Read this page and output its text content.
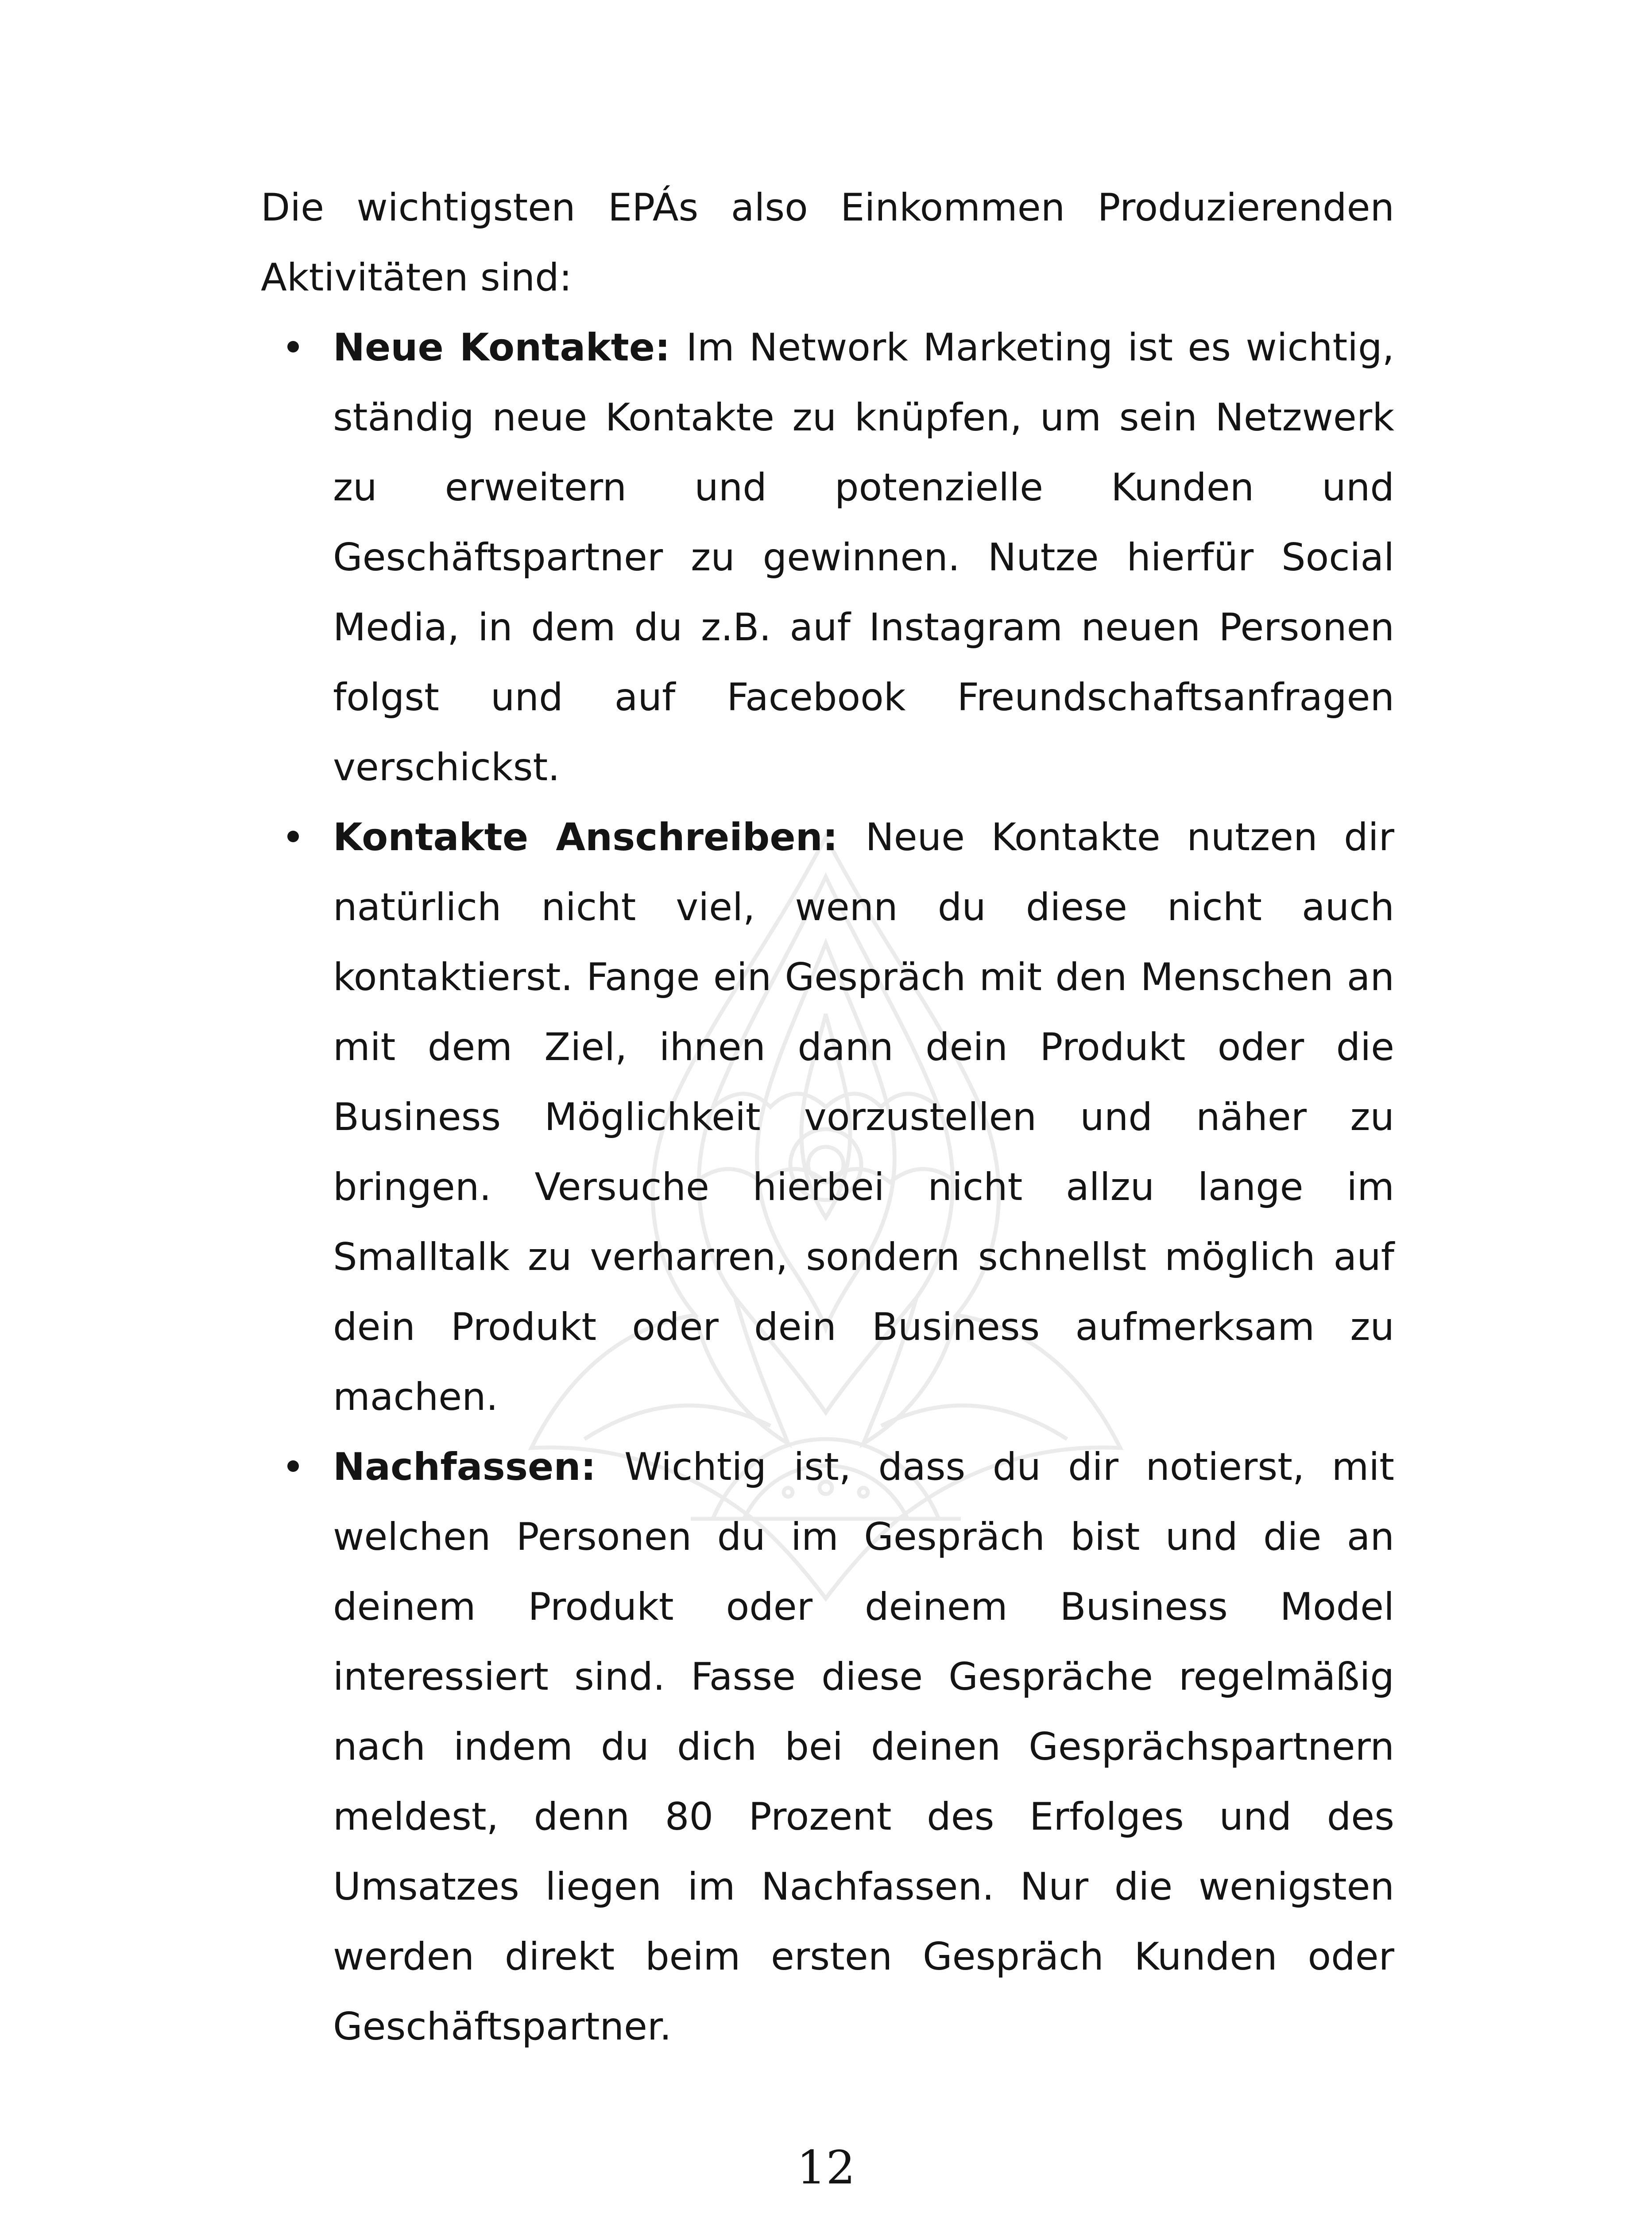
Die wichtigsten EPÁs also Einkommen Produzierenden Aktivitäten sind:

Neue Kontakte: Im Network Marketing ist es wichtig, ständig neue Kontakte zu knüpfen, um sein Netzwerk zu erweitern und potenzielle Kunden und Geschäftspartner zu gewinnen. Nutze hierfür Social Media, in dem du z.B. auf Instagram neuen Personen folgst und auf Facebook Freundschaftsanfragen verschickst.
Kontakte Anschreiben: Neue Kontakte nutzen dir natürlich nicht viel, wenn du diese nicht auch kontaktierst. Fange ein Gespräch mit den Menschen an mit dem Ziel, ihnen dann dein Produkt oder die Business Möglichkeit vorzustellen und näher zu bringen. Versuche hierbei nicht allzu lange im Smalltalk zu verharren, sondern schnellst möglich auf dein Produkt oder dein Business aufmerksam zu machen.
Nachfassen: Wichtig ist, dass du dir notierst, mit welchen Personen du im Gespräch bist und die an deinem Produkt oder deinem Business Model interessiert sind. Fasse diese Gespräche regelmäßig nach indem du dich bei deinen Gesprächspartnern meldest, denn 80 Prozent des Erfolges und des Umsatzes liegen im Nachfassen. Nur die wenigsten werden direkt beim ersten Gespräch Kunden oder Geschäftspartner.
12
